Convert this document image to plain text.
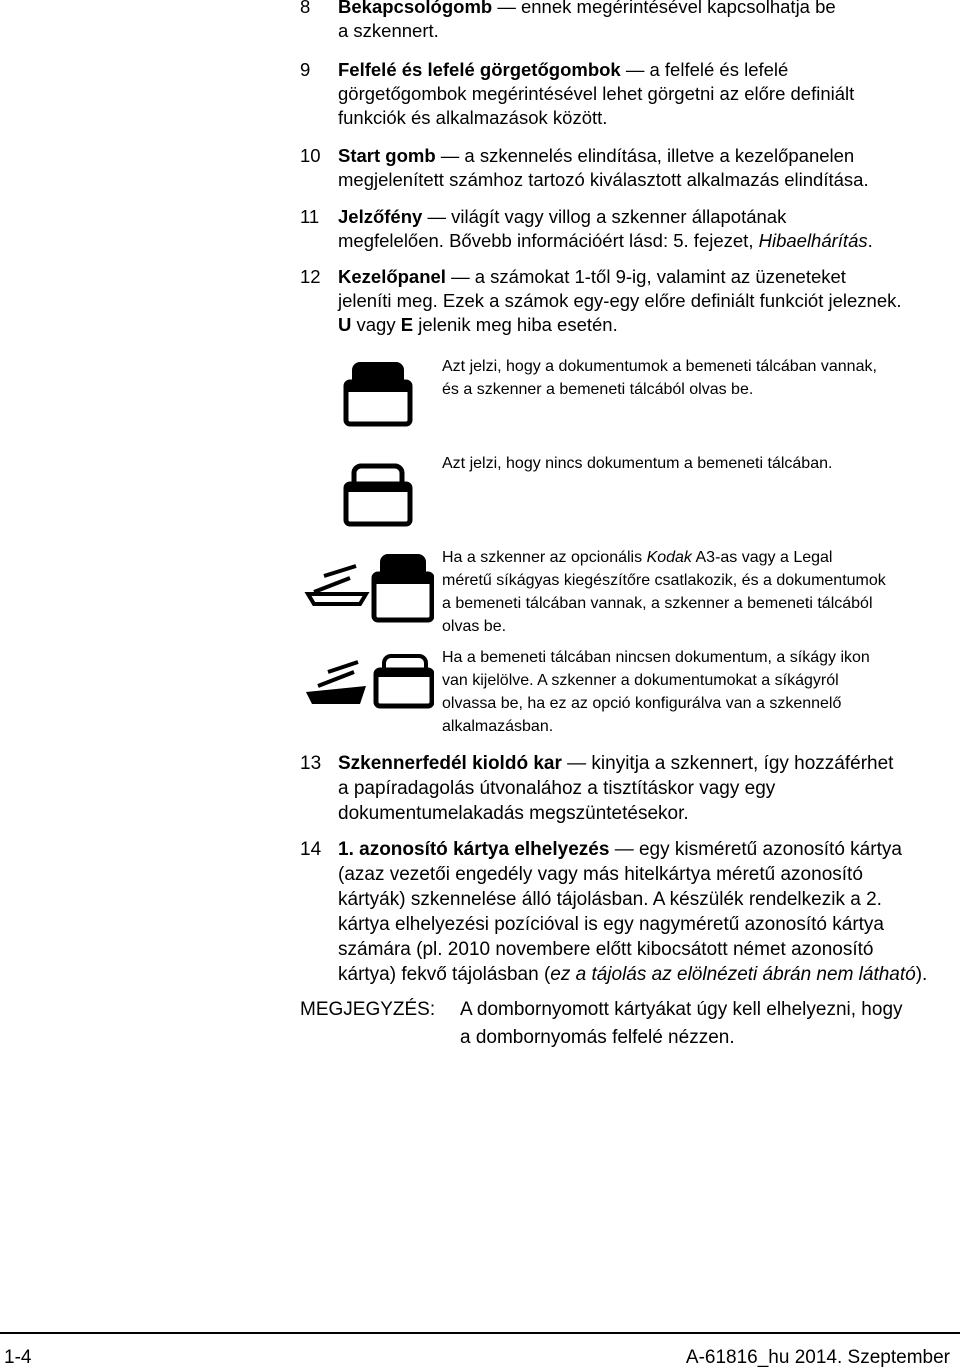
8 Bekapcsológomb — ennek megérintésével kapcsolhatja be
a szkennert.
9 Felfelé és lefelé görgetőgombok — a felfelé és lefelé
görgetőgombok megérintésével lehet görgetni az előre definiált
funkciók és alkalmazások között.
10 Start gomb — a szkennelés elindítása, illetve a kezelőpanelen
megjelenített számhoz tartozó kiválasztott alkalmazás elindítása.
11 Jelzőfény — világít vagy villog a szkenner állapotának
megfelelően. Bővebb információért lásd: 5. fejezet, Hibaelhárítás.
12 Kezelőpanel — a számokat 1-től 9-ig, valamint az üzeneteket
jeleníti meg. Ezek a számok egy-egy előre definiált funkciót jeleznek.
U vagy E jelenik meg hiba esetén.
Azt jelzi, hogy a dokumentumok a bemeneti tálcában vannak,
és a szkenner a bemeneti tálcából olvas be.
Azt jelzi, hogy nincs dokumentum a bemeneti tálcában.
Ha a szkenner az opcionális Kodak A3-as vagy a Legal
méretű síkágyas kiegészítőre csatlakozik, és a dokumentumok
a bemeneti tálcában vannak, a szkenner a bemeneti tálcából
olvas be.
Ha a bemeneti tálcában nincsen dokumentum, a síkágy ikon
van kijelölve. A szkenner a dokumentumokat a síkágyról
olvassa be, ha ez az opció konfigurálva van a szkennelő
alkalmazásban.
13 Szkennerfedél kioldó kar — kinyitja a szkennert, így hozzáférhet
a papíradagolás útvonalához a tisztításkor vagy egy
dokumentumelakadás megszüntetésekor.
14 1. azonosító kártya elhelyezés — egy kisméretű azonosító kártya
(azaz vezetői engedély vagy más hitelkártya méretű azonosító
kártyák) szkennelése álló tájolásban. A készülék rendelkezik a 2.
kártya elhelyezési pozícióval is egy nagyméretű azonosító kártya
számára (pl. 2010 novembere előtt kibocsátott német azonosító
kártya) fekvő tájolásban (ez a tájolás az elölnézeti ábrán nem látható).
MEGJEGYZÉS: A dombornyomott kártyákat úgy kell elhelyezni, hogy
a dombornyomás felfelé nézzen.
1-4	A-61816_hu 2014. Szeptember
